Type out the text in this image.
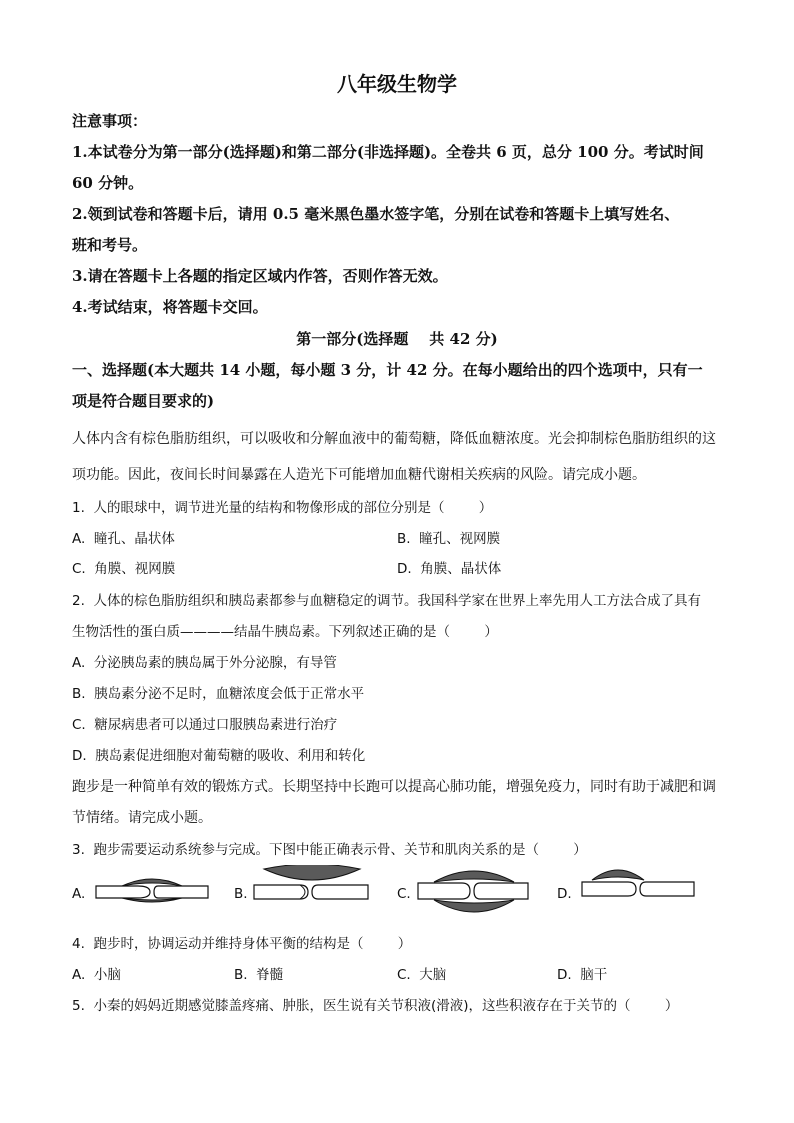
八年级生物学
注意事项：
1.本试卷分为第一部分(选择题)和第二部分(非选择题)。全卷共 6 页，总分 100 分。考试时间
60 分钟。
2.领到试卷和答题卡后，请用 0.5 毫米黑色墨水签字笔，分别在试卷和答题卡上填写姓名、
班和考号。
3.请在答题卡上各题的指定区域内作答，否则作答无效。
4.考试结束，将答题卡交回。
第一部分(选择题    共 42 分)
一、选择题(本大题共 14 小题，每小题 3 分，计 42 分。在每小题给出的四个选项中，只有一
项是符合题目要求的)
人体内含有棕色脂肪组织，可以吸收和分解血液中的葡萄糖，降低血糖浓度。光会抑制棕色脂肪组织的这
项功能。因此，夜间长时间暴露在人造光下可能增加血糖代谢相关疾病的风险。请完成小题。
1.  人的眼球中，调节进光量的结构和物像形成的部位分别是（        ）
A.  瞳孔、晶状体	B.  瞳孔、视网膜
C.  角膜、视网膜	D.  角膜、晶状体
2.  人体的棕色脂肪组织和胰岛素都参与血糖稳定的调节。我国科学家在世界上率先用人工方法合成了具有
生物活性的蛋白质————结晶牛胰岛素。下列叙述正确的是（        ）
A.  分泌胰岛素的胰岛属于外分泌腺，有导管
B.  胰岛素分泌不足时，血糖浓度会低于正常水平
C.  糖尿病患者可以通过口服胰岛素进行治疗
D.  胰岛素促进细胞对葡萄糖的吸收、利用和转化
跑步是一种简单有效的锻炼方式。长期坚持中长跑可以提高心肺功能，增强免疫力，同时有助于减肥和调
节情绪。请完成小题。
3.  跑步需要运动系统参与完成。下图中能正确表示骨、关节和肌肉关系的是（        ）
A.	B.	C.	D.
4.  跑步时，协调运动并维持身体平衡的结构是（        ）
A.  小脑	B.  脊髓	C.  大脑	D.  脑干
5.  小秦的妈妈近期感觉膝盖疼痛、肿胀，医生说有关节积液(滑液)，这些积液存在于关节的（        ）
